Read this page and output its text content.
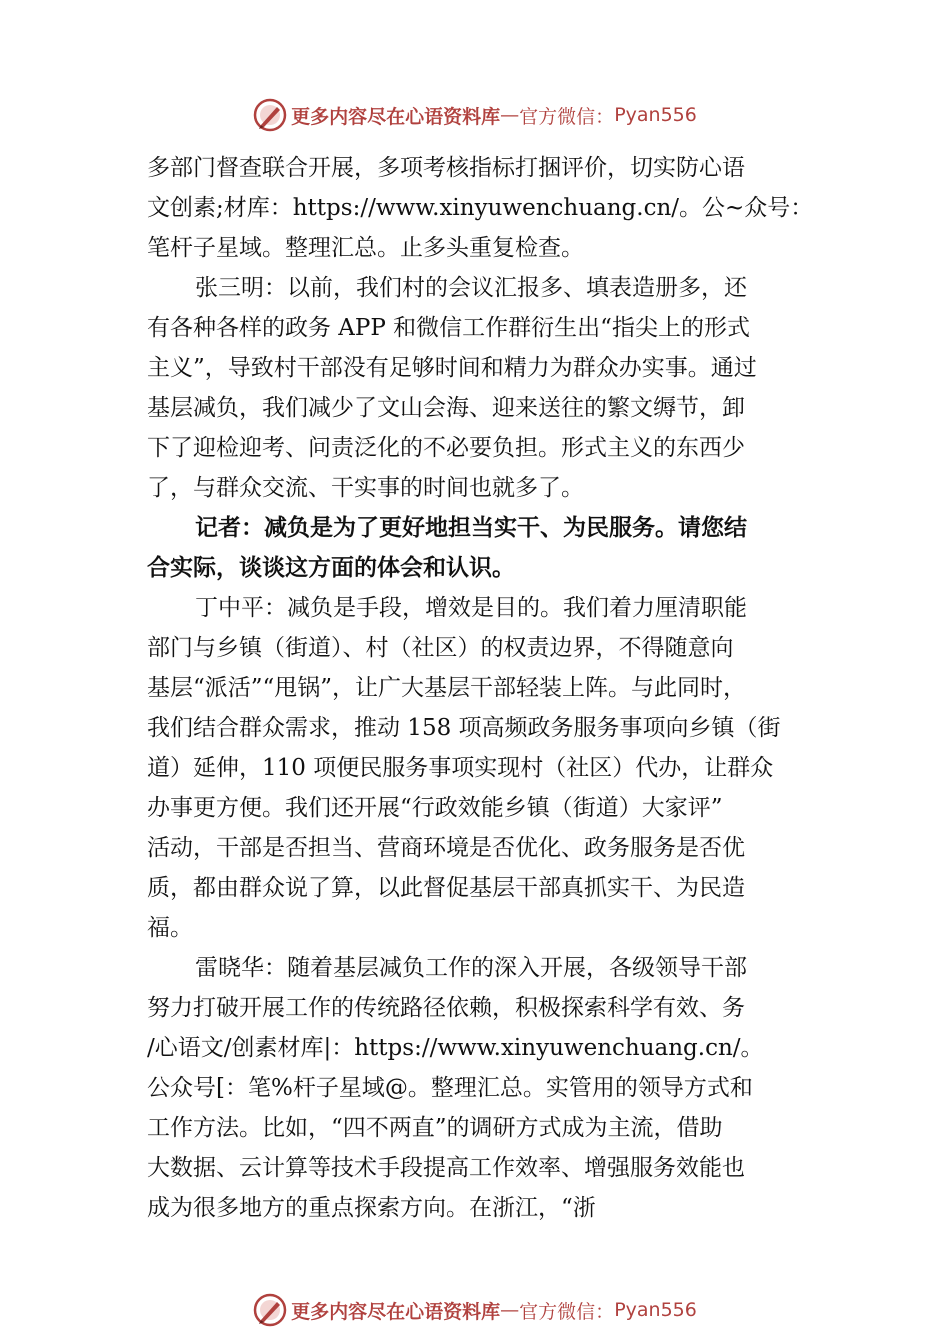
更多内容尽在心语资料库 — 官方微信： Pyan556
多部门督查联合开展，多项考核指标打捆评价，切实防心语
文创素;材库：https://www.xinyuwenchuang.cn/。公~众号：
笔杆子星域。整理汇总。止多头重复检查。
张三明：以前，我们村的会议汇报多、填表造册多，还
有各种各样的政务 APP 和微信工作群衍生出“指尖上的形式
主义”，导致村干部没有足够时间和精力为群众办实事。通过
基层减负，我们减少了文山会海、迎来送往的繁文缛节，卸
下了迎检迎考、问责泛化的不必要负担。形式主义的东西少
了，与群众交流、干实事的时间也就多了。
记者：减负是为了更好地担当实干、为民服务。请您结
合实际，谈谈这方面的体会和认识。
丁中平：减负是手段，增效是目的。我们着力厘清职能
部门与乡镇（街道）、村（社区）的权责边界，不得随意向
基层“派活”“甩锅”，让广大基层干部轻装上阵。与此同时，
我们结合群众需求，推动 158 项高频政务服务事项向乡镇（街
道）延伸，110 项便民服务事项实现村（社区）代办，让群众
办事更方便。我们还开展“行政效能乡镇（街道）大家评”
活动，干部是否担当、营商环境是否优化、政务服务是否优
质，都由群众说了算，以此督促基层干部真抓实干、为民造
福。
雷晓华：随着基层减负工作的深入开展，各级领导干部
努力打破开展工作的传统路径依赖，积极探索科学有效、务
/心语文/创素材库|：https://www.xinyuwenchuang.cn/。
公众号[：笔%杆子星域@。整理汇总。实管用的领导方式和
工作方法。比如，“四不两直”的调研方式成为主流，借助
大数据、云计算等技术手段提高工作效率、增强服务效能也
成为很多地方的重点探索方向。在浙江，“浙
更多内容尽在心语资料库 — 官方微信： Pyan556
